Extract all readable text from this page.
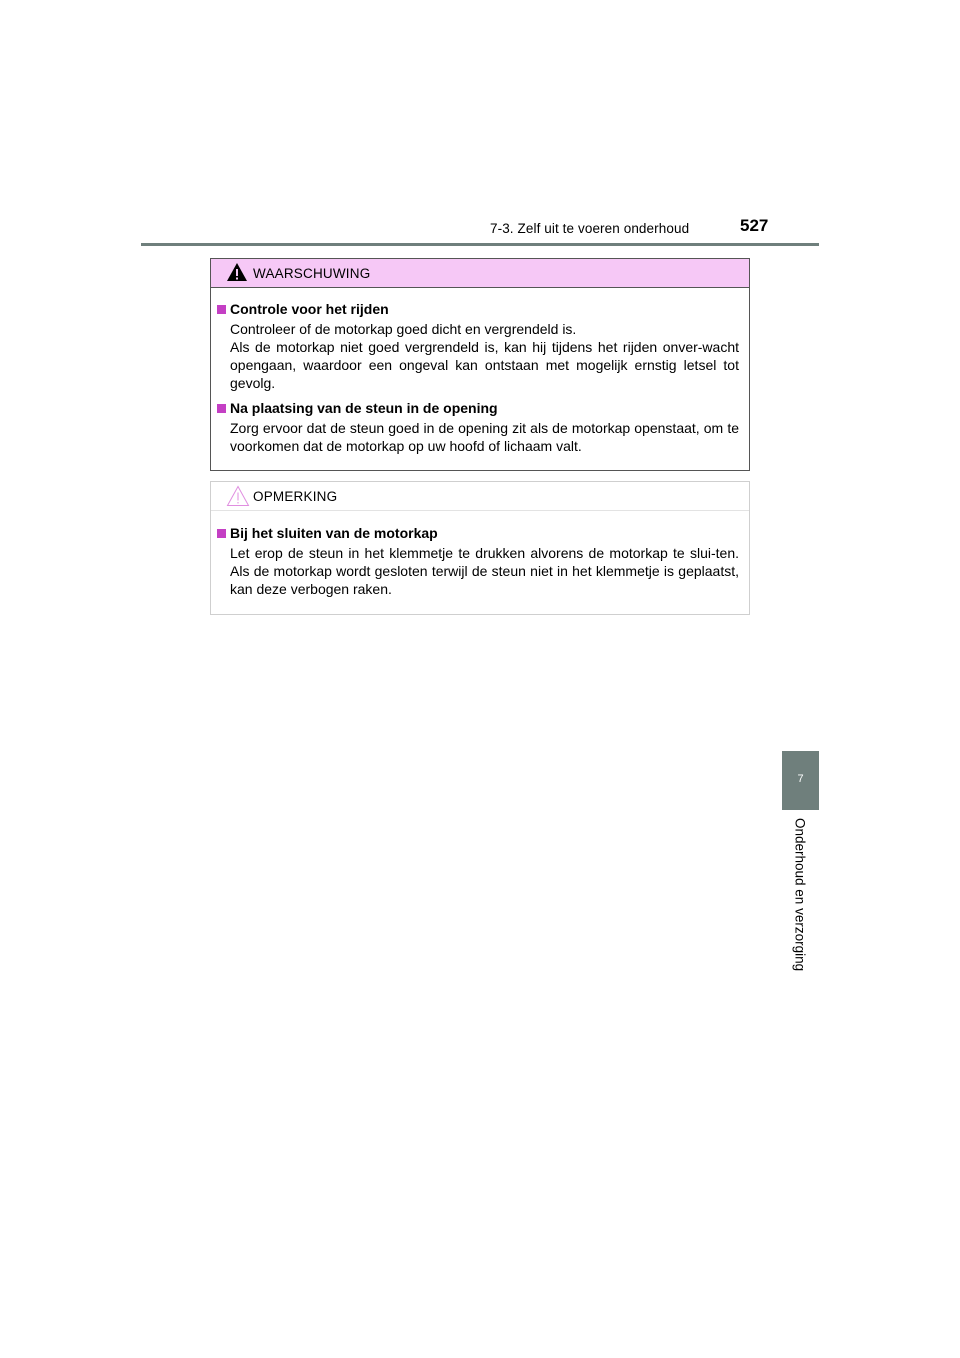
7-3. Zelf uit te voeren onderhoud	527
7
Onderhoud en verzorging
WAARSCHUWING
Controle voor het rijden

Controleer of de motorkap goed dicht en vergrendeld is.

Als de motorkap niet goed vergrendeld is, kan hij tijdens het rijden onver-wacht opengaan, waardoor een ongeval kan ontstaan met mogelijk ernstig letsel tot gevolg.

Na plaatsing van de steun in de opening

Zorg ervoor dat de steun goed in de opening zit als de motorkap openstaat, om te voorkomen dat de motorkap op uw hoofd of lichaam valt.

OPMERKING
Bij het sluiten van de motorkap

Let erop de steun in het klemmetje te drukken alvorens de motorkap te slui-ten. Als de motorkap wordt gesloten terwijl de steun niet in het klemmetje is geplaatst, kan deze verbogen raken.
